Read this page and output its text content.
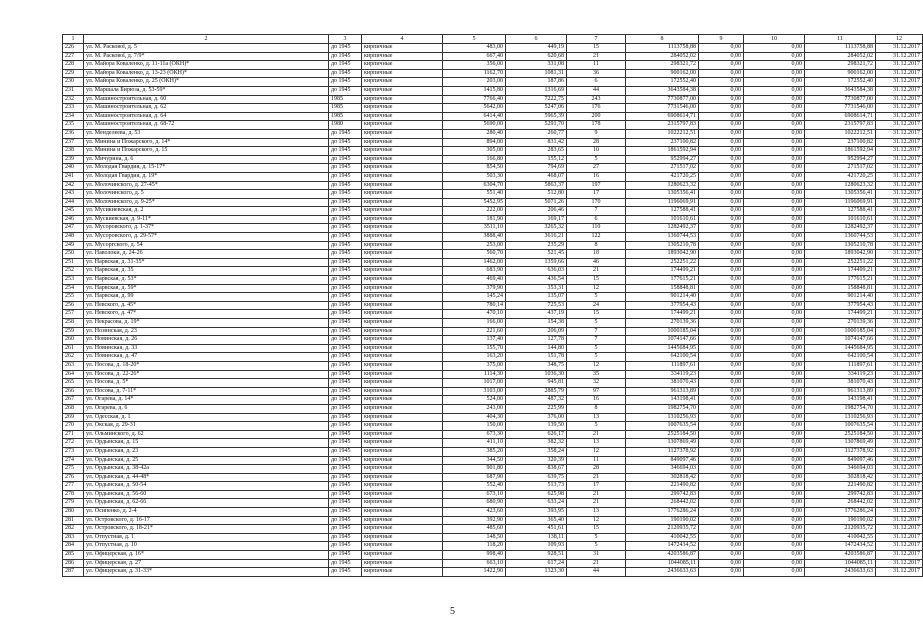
1	2	3	4	5	6	7	8	9	10	11	12
226	ул. М. Раскової, д. 5	до 1945	кирпичные	483,00	449,19	15	1113758,88	0,00	0,00	1113758,88	31.12.2017
227	ул. М. Раскової, д. 7/9*	до 1945	кирпичные	667,40	620,68	21	284052,02	0,00	0,00	284052,02	31.12.2017
228	ул. Майора Коваленко, д. 11-11а (ОКН)*	до 1945	кирпичные	356,00	331,08	11	298321,72	0,00	0,00	298321,72	31.12.2017
229	ул. Майора Коваленко, д. 13-23 (ОКН)*	до 1945	кирпичные	1162,70	1081,31	36	900162,00	0,00	0,00	900162,00	31.12.2017
230	ул. Майора Коваленко, д. 25 (ОКН)*	до 1945	кирпичные	203,00	187,86	6	172552,40	0,00	0,00	172552,40	31.12.2017
231	ул. Маршала Бирюза, д. 53-59*	до 1945	кирпичные	1415,80	1316,69	44	3643584,38	0,00	0,00	3643584,38	31.12.2017
232	ул. Машиностроительная, д. 60	1985	кирпичные	7766,40	7222,75	243	7730877,00	0,00	0,00	7730877,00	31.12.2017
233	ул. Машиностроительная, д. 62	1985	кирпичные	5642,00	5247,06	176	7731546,00	0,00	0,00	7731546,00	31.12.2017
234	ул. Машиностроительная, д. 64	1985	кирпичные	6414,40	5965,39	200	6908614,71	0,00	0,00	6908614,71	31.12.2017
235	ул. Машиностроительная, д. 68-72	1980	кирпичные	5690,00	5291,70	178	2315797,83	0,00	0,00	2315797,83	31.12.2017
236	ул. Менделеева, д. 53	до 1945	кирпичные	280,40	260,77	9	1022212,51	0,00	0,00	1022212,51	31.12.2017
237	ул. Минина и Пожарского, д. 14*	до 1945	кирпичные	894,00	831,42	28	237100,82	0,00	0,00	237100,82	31.12.2017
238	ул. Минина и Пожарского, д. 15	до 1945	кирпичные	305,00	283,65	10	1861592,94	0,00	0,00	1861592,94	31.12.2017
239	ул. Мичурина, д. 6	до 1945	кирпичные	166,80	155,12	5	952994,27	0,00	0,00	952994,27	31.12.2017
240	ул. Молодая Гвардия, д. 15-17*	до 1945	кирпичные	854,50	794,69	27	271517,02	0,00	0,00	271517,02	31.12.2017
241	ул. Молодая Гвардия, д. 19*	до 1945	кирпичные	503,30	468,07	16	421720,25	0,00	0,00	421720,25	31.12.2017
242	ул. Молочинского, д. 27-45*	до 1945	кирпичные	6304,70	5863,37	197	1280623,32	0,00	0,00	1280623,32	31.12.2017
243	ул. Молочинского, д. 5	до 1945	кирпичные	551,40	512,80	17	1305356,41	0,00	0,00	1305356,41	31.12.2017
244	ул. Молочинского, д. 9-25*	до 1945	кирпичные	5452,95	5071,26	170	1196069,91	0,00	0,00	1196069,91	31.12.2017
245	ул. Мусикиевская, д. 2	до 1945	кирпичные	222,00	206,46	7	127588,41	0,00	0,00	127588,41	31.12.2017
246	ул. Мускиевская, д. 9-11*	до 1945	кирпичные	181,90	169,17	6	101610,61	0,00	0,00	101610,61	31.12.2017
247	ул. Мусоровского, д. 1-37*	до 1945	кирпичные	3511,10	3265,32	110	1282492,37	0,00	0,00	1282492,37	31.12.2017
248	ул. Мусоровского, д. 29-57*	до 1945	кирпичные	3888,40	3616,21	122	1360744,53	0,00	0,00	1360744,53	31.12.2017
249	ул. Мусоргского, д. 54	до 1945	кирпичные	253,00	235,29	8	1305210,78	0,00	0,00	1305210,78	31.12.2017
250	ул. Наволоки, д. 24-26	до 1945	кирпичные	560,70	521,45	18	1893042,90	0,00	0,00	1893042,90	31.12.2017
251	ул. Нарвская, д. 31-35*	до 1945	кирпичные	1462,00	1359,66	46	252251,22	0,00	0,00	252251,22	31.12.2017
252	ул. Нарвская, д. 35	до 1945	кирпичные	683,90	636,03	21	174499,21	0,00	0,00	174499,21	31.12.2017
253	ул. Нарвская, д. 53*	до 1945	кирпичные	469,40	436,54	15	177615,21	0,00	0,00	177615,21	31.12.2017
254	ул. Нарвская, д. 59*	до 1945	кирпичные	379,90	353,31	12	158848,81	0,00	0,00	158848,81	31.12.2017
255	ул. Нарвская, д. 99	до 1945	кирпичные	145,24	135,07	5	901214,40	0,00	0,00	901214,40	31.12.2017
256	ул. Невского, д. 45*	до 1945	кирпичные	780,14	725,53	24	377954,43	0,00	0,00	377954,43	31.12.2017
257	ул. Невского, д. 47*	до 1945	кирпичные	470,10	437,19	15	174499,21	0,00	0,00	174499,21	31.12.2017
258	ул. Некрасова, д. 19*	до 1945	кирпичные	166,00	154,38	5	270139,36	0,00	0,00	270139,36	31.12.2017
259	ул. Нозинская, д. 23	до 1945	кирпичные	221,60	206,09	7	1000185,04	0,00	0,00	1000185,04	31.12.2017
260	ул. Новинская, д. 26	до 1945	кирпичные	137,40	127,78	7	1074147,66	0,00	0,00	1074147,66	31.12.2017
261	ул. Новинская, д. 33	до 1945	кирпичные	155,70	144,80	5	1445684,95	0,00	0,00	1445684,95	31.12.2017
262	ул. Новинская, д. 47	до 1945	кирпичные	163,20	151,78	5	642100,54	0,00	0,00	642100,54	31.12.2017
263	ул. Носова, д. 18-20*	до 1945	кирпичные	375,00	348,75	12	111897,61	0,00	0,00	111897,61	31.12.2017
264	ул. Носова, д. 22-26*	до 1945	кирпичные	1114,30	1036,30	35	334119,23	0,00	0,00	334119,23	31.12.2017
265	ул. Носова, д. 5*	до 1945	кирпичные	1017,00	945,81	32	381070,43	0,00	0,00	381070,43	31.12.2017
266	ул. Носова, д. 7-11*	до 1945	кирпичные	3103,00	2885,79	97	961313,89	0,00	0,00	961313,89	31.12.2017
267	ул. Огарева, д. 14*	до 1945	кирпичные	524,00	487,32	16	143198,41	0,00	0,00	143198,41	31.12.2017
268	ул. Огарева, д. 6	до 1945	кирпичные	243,00	225,99	8	1982754,70	0,00	0,00	1982754,70	31.12.2017
269	ул. Одесская, д. 1	до 1945	кирпичные	404,30	376,00	13	1310256,93	0,00	0,00	1310256,93	31.12.2017
270	ул. Окская, д. 29-31	до 1945	кирпичные	150,00	139,50	5	1007635,54	0,00	0,00	1007635,54	31.12.2017
271	ул. Ольминского, д. 62	до 1945	кирпичные	673,30	626,17	21	2525184,50	0,00	0,00	2525184,50	31.12.2017
272	ул. Ордынская, д. 15	до 1945	кирпичные	411,10	382,32	13	1307869,49	0,00	0,00	1307869,49	31.12.2017
273	ул. Ордынская, д. 23	до 1945	кирпичные	385,20	358,24	12	1127378,92	0,00	0,00	1127378,92	31.12.2017
274	ул. Ордынская, д. 25	до 1945	кирпичные	344,50	320,39	11	849097,46	0,00	0,00	849097,46	31.12.2017
275	ул. Ордынская, д. 38-42а	до 1945	кирпичные	901,80	838,67	28	346694,03	0,00	0,00	346694,03	31.12.2017
276	ул. Ордынская, д. 44-48*	до 1945	кирпичные	687,90	639,75	21	302818,42	0,00	0,00	302818,42	31.12.2017
277	ул. Ордынская, д. 50-54	до 1945	кирпичные	552,40	513,73	17	221490,82	0,00	0,00	221490,82	31.12.2017
278	ул. Ордынская, д. 56-60	до 1945	кирпичные	673,10	625,98	21	299742,83	0,00	0,00	299742,83	31.12.2017
279	ул. Ордынская, д. 62-66	до 1945	кирпичные	680,90	633,24	21	268442,02	0,00	0,00	268442,02	31.12.2017
280	ул. Осипенко, д. 2-4	до 1945	кирпичные	423,60	393,95	13	1776286,24	0,00	0,00	1776286,24	31.12.2017
281	ул. Островского, д. 16-17	до 1945	кирпичные	392,90	365,40	12	190190,02	0,00	0,00	190190,02	31.12.2017
282	ул. Островского, д. 18-21*	до 1945	кирпичные	485,60	451,61	15	2120935,72	0,00	0,00	2120935,72	31.12.2017
283	ул. Отпустная, д. 1	до 1945	кирпичные	148,50	138,11	5	410042,55	0,00	0,00	410042,55	31.12.2017
284	ул. Отпустная, д. 10	до 1945	кирпичные	118,20	109,93	5	1472434,52	0,00	0,00	1472434,52	31.12.2017
285	ул. Офицерская, д. 16*	до 1945	кирпичные	998,40	928,51	31	4203586,87	0,00	0,00	4203586,87	31.12.2017
286	ул. Офицерская, д. 27	до 1945	кирпичные	663,10	617,24	21	1044085,11	0,00	0,00	1044085,11	31.12.2017
287	ул. Офицерская, д. 31-33*	до 1945	кирпичные	1422,90	1323,30	44	2436633,63	0,00	0,00	2436633,63	31.12.2017
5
